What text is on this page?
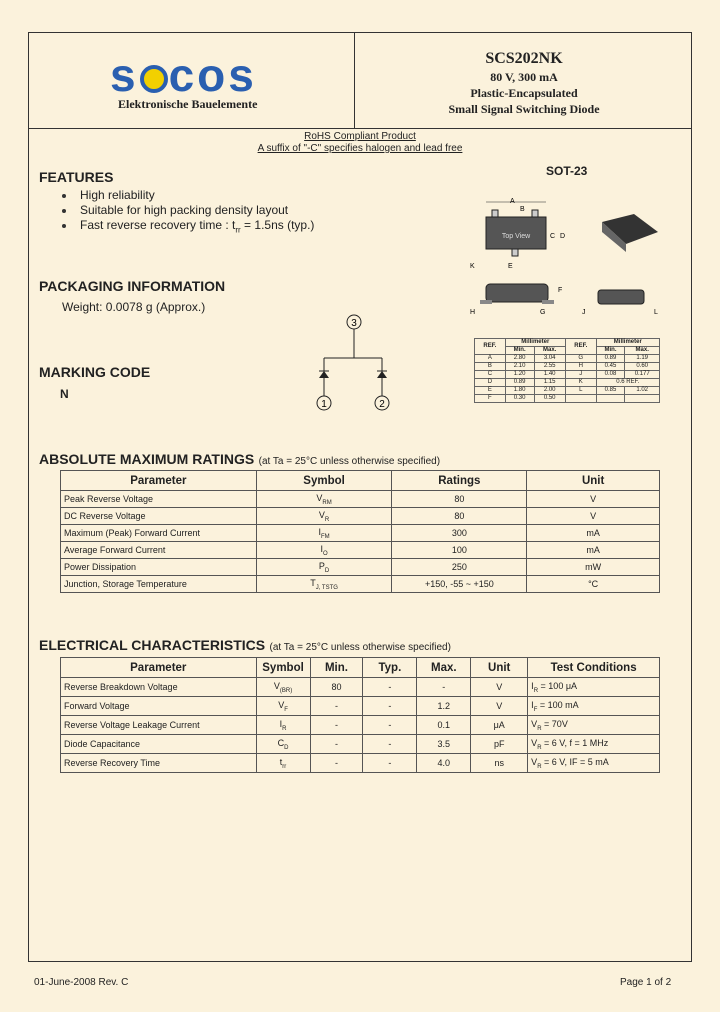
s cos
Elektronische Bauelemente
SCS202NK
80 V, 300 mA
Plastic-Encapsulated
Small Signal Switching Diode
RoHS Compliant Product
A suffix of "-C" specifies halogen and lead free
FEATURES
High reliability
Suitable for high packing density layout
Fast reverse recovery time : $t_{rr} = 1.5ns$ (typ.)
PACKAGING INFORMATION
Weight: 0.0078 g (Approx.)
MARKING CODE
N
3
1	2
SOT-23
Top View
A
B
C D
E
K
H	G
F
J	L
REF.	Millimeter		REF.	Millimeter	
	Min.	Max.		Min.	Max.
A	2.80	3.04	G	0.89	1.19
B	2.10	2.55	H	0.45	0.60
C	1.20	1.40	J	0.08	0.177
D	0.89	1.15	K	0.6 REF.	
E	1.80	2.00	L	0.85	1.02
F	0.30	0.50			
ABSOLUTE MAXIMUM RATINGS (at Ta = 25°C unless otherwise specified)
Parameter	Symbol	Ratings	Unit
Peak Reverse Voltage	$V_{RM}$	80	V
DC Reverse Voltage	$V_R$	80	V
Maximum (Peak) Forward Current	$I_{FM}$	300	mA
Average Forward Current	$I_O$	100	mA
Power Dissipation	$P_D$	250	mW
Junction, Storage Temperature	$T_{J, TSTG}$	+150, -55 ~ +150	°C
ELECTRICAL CHARACTERISTICS (at Ta = 25°C unless otherwise specified)
Parameter	Symbol	Min.	Typ.	Max.	Unit	Test Conditions
Reverse Breakdown Voltage	$V_{(BR)}$	80	-	-	V	$I_R = 100$ μA
Forward Voltage	$V_F$	-	-	1.2	V	$I_F = 100$ mA
Reverse Voltage Leakage Current	$I_R$	-	-	0.1	μA	$V_R = 70V$
Diode Capacitance	$C_D$	-	-	3.5	pF	$V_R = 6$ V, f = 1 MHz
Reverse Recovery Time	$t_{rr}$	-	-	4.0	ns	$V_R = 6$ V, IF = 5 mA
01-June-2008 Rev. C	Page 1 of 2
